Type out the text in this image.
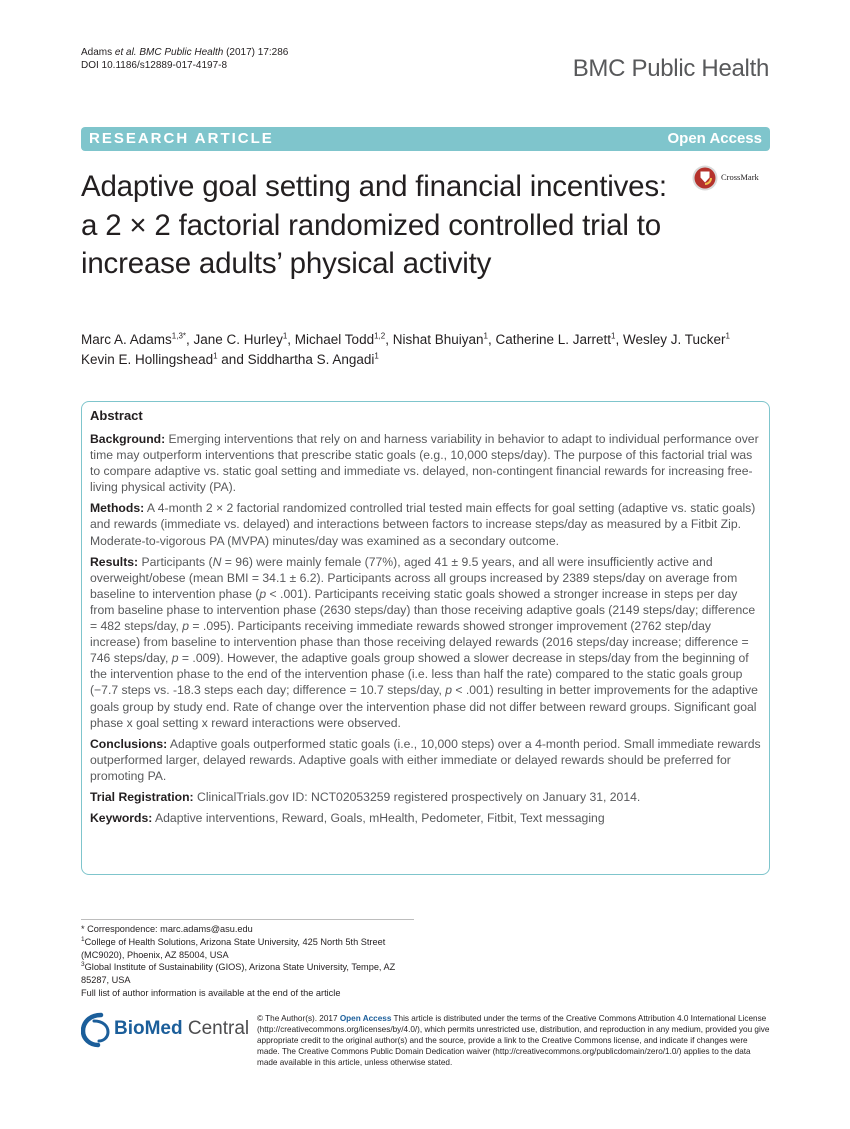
Adams et al. BMC Public Health (2017) 17:286
DOI 10.1186/s12889-017-4197-8	BMC Public Health
RESEARCH ARTICLE	Open Access
Adaptive goal setting and financial incentives: a 2 × 2 factorial randomized controlled trial to increase adults’ physical activity
CrossMark
Marc A. Adams$^{1,3*}$, Jane C. Hurley$^1$, Michael Todd$^{1,2}$, Nishat Bhuiyan$^1$, Catherine L. Jarrett$^1$, Wesley J. Tucker$^1$
Kevin E. Hollingshead$^1$ and Siddhartha S. Angadi$^1$
Abstract

Background: Emerging interventions that rely on and harness variability in behavior to adapt to individual performance over time may outperform interventions that prescribe static goals (e.g., 10,000 steps/day). The purpose of this factorial trial was to compare adaptive vs. static goal setting and immediate vs. delayed, non-contingent financial rewards for increasing free-living physical activity (PA).

Methods: A 4-month 2 × 2 factorial randomized controlled trial tested main effects for goal setting (adaptive vs. static goals) and rewards (immediate vs. delayed) and interactions between factors to increase steps/day as measured by a Fitbit Zip. Moderate-to-vigorous PA (MVPA) minutes/day was examined as a secondary outcome.

Results: Participants (N = 96) were mainly female (77%), aged 41 ± 9.5 years, and all were insufficiently active and overweight/obese (mean BMI = 34.1 ± 6.2). Participants across all groups increased by 2389 steps/day on average from baseline to intervention phase (p < .001). Participants receiving static goals showed a stronger increase in steps per day from baseline phase to intervention phase (2630 steps/day) than those receiving adaptive goals (2149 steps/day; difference = 482 steps/day, p = .095). Participants receiving immediate rewards showed stronger improvement (2762 step/day increase) from baseline to intervention phase than those receiving delayed rewards (2016 steps/day increase; difference = 746 steps/day, p = .009). However, the adaptive goals group showed a slower decrease in steps/day from the beginning of the intervention phase to the end of the intervention phase (i.e. less than half the rate) compared to the static goals group (−7.7 steps vs. -18.3 steps each day; difference = 10.7 steps/day, p < .001) resulting in better improvements for the adaptive goals group by study end. Rate of change over the intervention phase did not differ between reward groups. Significant goal phase x goal setting x reward interactions were observed.

Conclusions: Adaptive goals outperformed static goals (i.e., 10,000 steps) over a 4-month period. Small immediate rewards outperformed larger, delayed rewards. Adaptive goals with either immediate or delayed rewards should be preferred for promoting PA.

Trial Registration: ClinicalTrials.gov ID: NCT02053259 registered prospectively on January 31, 2014.

Keywords: Adaptive interventions, Reward, Goals, mHealth, Pedometer, Fitbit, Text messaging

* Correspondence: marc.adams@asu.edu
$^1$College of Health Solutions, Arizona State University, 425 North 5th Street (MC9020), Phoenix, AZ 85004, USA
$^3$Global Institute of Sustainability (GIOS), Arizona State University, Tempe, AZ 85287, USA
Full list of author information is available at the end of the article
BioMed Central © The Author(s). 2017 Open Access This article is distributed under the terms of the Creative Commons Attribution 4.0 International License (http://creativecommons.org/licenses/by/4.0/), which permits unrestricted use, distribution, and reproduction in any medium, provided you give appropriate credit to the original author(s) and the source, provide a link to the Creative Commons license, and indicate if changes were made. The Creative Commons Public Domain Dedication waiver (http://creativecommons.org/publicdomain/zero/1.0/) applies to the data made available in this article, unless otherwise stated.
